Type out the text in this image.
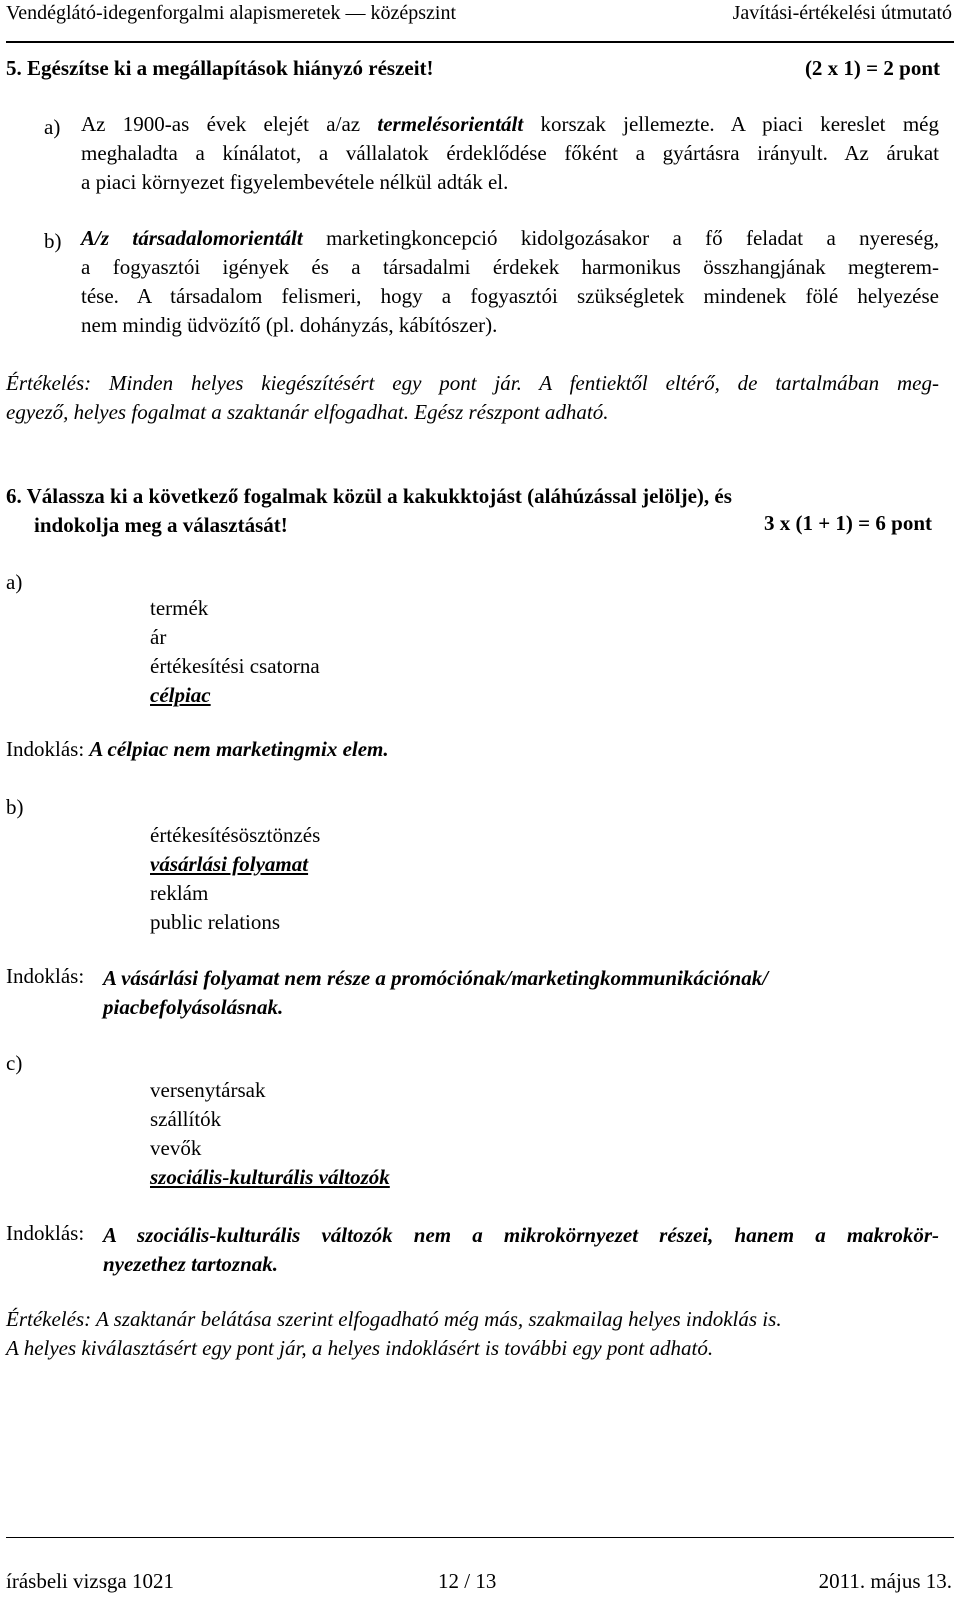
Vendéglátó-idegenforgalmi alapismeretek — középszint	Javítási-értékelési útmutató
5. Egészítse ki a megállapítások hiányzó részeit!	(2 x 1) = 2 pont
a) Az 1900-as évek elejét a/az termelésorientált korszak jellemezte. A piaci kereslet még
meghaladta a kínálatot, a vállalatok érdeklődése főként a gyártásra irányult. Az árukat
a piaci környezet figyelembevétele nélkül adták el.
b) A/z társadalomorientált marketingkoncepció kidolgozásakor a fő feladat a nyereség,
a fogyasztói igények és a társadalmi érdekek harmonikus összhangjának megterem-
tése. A társadalom felismeri, hogy a fogyasztói szükségletek mindenek fölé helyezése
nem mindig üdvözítő (pl. dohányzás, kábítószer).
Értékelés: Minden helyes kiegészítésért egy pont jár. A fentiektől eltérő, de tartalmában meg-
egyező, helyes fogalmat a szaktanár elfogadhat. Egész részpont adható.
6. Válassza ki a következő fogalmak közül a kakukktojást (aláhúzással jelölje), és
indokolja meg a választását!	3 x (1 + 1) = 6 pont
a)
termék
ár
értékesítési csatorna
célpiac
Indoklás: A célpiac nem marketingmix elem.
b)
értékesítésösztönzés
vásárlási folyamat
reklám
public relations
Indoklás: A vásárlási folyamat nem része a promóciónak/marketingkommunikációnak/
piacbefolyásolásnak.
c)
versenytársak
szállítók
vevők
szociális-kulturális változók
Indoklás: A szociális-kulturális változók nem a mikrokörnyezet részei, hanem a makrokör-
nyezethez tartoznak.
Értékelés: A szaktanár belátása szerint elfogadható még más, szakmailag helyes indoklás is.
A helyes kiválasztásért egy pont jár, a helyes indoklásért is további egy pont adható.
írásbeli vizsga 1021	12 / 13	2011. május 13.
